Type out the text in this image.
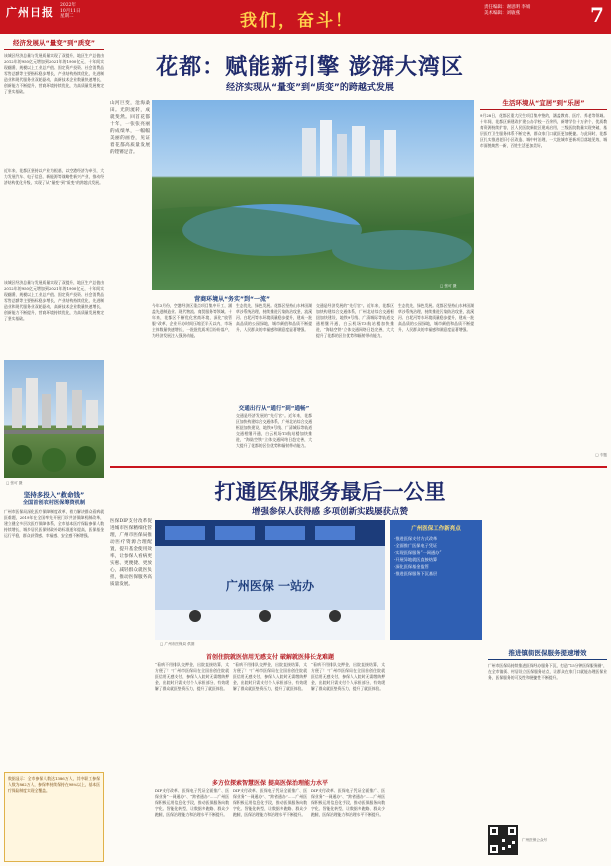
广州日报
2022年
10月11日
星期二	我们，奋斗！
责任编辑：谢思明 李娟
美术编辑：刘敏燕	7
经济发展从“量变”到“质变”
该城区经济总量与发展质量实现了双提升，地区生产总值由2012年的950亿元增加到2021年的1900亿元，十年间实现翻番，规模以上工业总产值、固定资产投资、社会消费品零售总额等主要指标稳步增长，产业结构持续优化，先进制造业和现代服务业双轮驱动，高新技术企业数量快速增长，创新能力不断提升，营商环境持续优化，为高质量发展奠定了坚实基础。
近年来，花都区坚持以产业为根基，以空港经济为牵引，大力发展汽车、电子信息、新能源等战略性新兴产业，推动经济结构优化升级，实现了从“量变”到“质变”的跨越式发展。
该城区经济总量与发展质量实现了双提升，地区生产总值由2012年的950亿元增加到2021年的1900亿元，十年间实现翻番，规模以上工业总产值、固定资产投资、社会消费品零售总额等主要指标稳步增长，产业结构持续优化，先进制造业和现代服务业双轮驱动，高新技术企业数量快速增长，创新能力不断提升，营商环境持续优化，为高质量发展奠定了坚实基础。
□ 张可 摄
坚持多投入“救命钱”
全国首创农村医保筹资机制
广州市医保局深化医疗保障制度改革，着力解决群众看病就医难题，2019年在全国率先开展门诊共济保障机制改革，建立健全多层次医疗保障体系，全市基本医疗保险参保人数持续增长，城乡居民医保财政补助标准逐年提高，医保基金运行平稳，群众获得感、幸福感、安全感不断增强。
数据显示：全市参保人数达1386万人，其中职工参保人数为862万人，参保率持续保持在98%以上，基本医疗保险制度实现全覆盖。
花都：赋能新引擎 澎湃大湾区
经济实现从“量变”到“质变”的跨越式发展
山河巨变，沧海桑田。光阴流转，成就斐然。回首花都十年，一张张亮丽的成绩单，一幅幅美丽的画卷，见证着花都高质量发展的铿锵足音。
□ 张可 摄
营商环境从“务实”到“一流”
今年3月份，空港经济区重点项目集中开工，涵盖先进制造业、现代物流、商贸服务等领域。十年来，花都区不断优化营商环境，深化“放管服”改革，企业开办时间压缩至半天以内，市场主体数量快速增长，一批批优质项目纷纷落户，为经济发展注入强劲动能。
生态优先，绿色发展。花都区坚持山水林田湖草沙系统治理，持续推进污染防治攻坚，流溪河、白坭河等水环境质量稳步提升，建成一批高品质的公园绿地，城市颜值和品质不断提升，人民群众的幸福感和满意度显著增强。
交通出行从“通行”到“通畅”
交通是经济发展的“先行官”。近年来，花都区加快构建综合交通体系，广州北站综合交通枢纽加快建设，地铁9号线、广清城际等轨道交通相继开通，白云机场T3航站楼加快推进，“海陆空铁”立体交通网络日趋完善，大大提升了花都的区位优势和辐射带动能力。
交通是经济发展的“先行官”。近年来，花都区加快构建综合交通体系，广州北站综合交通枢纽加快建设，地铁9号线、广清城际等轨道交通相继开通，白云机场T3航站楼加快推进，“海陆空铁”立体交通网络日趋完善，大大提升了花都的区位优势和辐射带动能力。
生态优先，绿色发展。花都区坚持山水林田湖草沙系统治理，持续推进污染防治攻坚，流溪河、白坭河等水环境质量稳步提升，建成一批高品质的公园绿地，城市颜值和品质不断提升，人民群众的幸福感和满意度显著增强。
生活环境从“宜居”到“乐居”
9月28日，花都区重大民生项目集中签约，涵盖教育、医疗、养老等领域。十年间，花都区新建改扩建公办学校一百余所，新增学位十万余个，优质教育资源持续扩容，区人民医院新院区建成启用，三级医院数量实现突破，基层医疗卫生服务体系不断完善，群众家门口就医更加便捷。与此同时，花都区扎实推进老旧小区改造、城中村治理，一大批城市更新项目落地见效，城市面貌焕然一新，百姓生活更加美好。
□ 专题
打通医保服务最后一公里
增强参保人获得感 多项创新实践屡获点赞
医保DIP支付改革促进城市医保精细化管理，广州市医保局推动医疗资源合理配置，提升基金使用效率，让参保人看病更实惠、更便捷、更放心，减轻群众就医负担，推动医保服务高质量发展。	广州医保 一站办
□ 广州市医保局 供图
广州医保工作新亮点
·推进医保支付方式改革
·全面推广医保电子凭证
·实现医保服务“一网通办”
·开展异地就医直接结算
·深化医保基金监管
·推进医保服务下沉基层
首创住院就医信用无感支付 破解就医排长龙难题
“看病不用排队交押金，出院直接结算，太方便了！”广州市医保局在全国首创住院就医信用无感支付，参保人入院时无需缴纳押金，出院时只需支付个人承担部分，有效缓解了群众就医垫资压力，提升了就医体验。
“看病不用排队交押金，出院直接结算，太方便了！”广州市医保局在全国首创住院就医信用无感支付，参保人入院时无需缴纳押金，出院时只需支付个人承担部分，有效缓解了群众就医垫资压力，提升了就医体验。
“看病不用排队交押金，出院直接结算，太方便了！”广州市医保局在全国首创住院就医信用无感支付，参保人入院时无需缴纳押金，出院时只需支付个人承担部分，有效缓解了群众就医垫资压力，提升了就医体验。
多方位探索智慧医保 提高医保治理能力水平
DIP支付改革、医保电子凭证全面推广、医保业务“一网通办”、“跨省通办”……广州医保积极运用信息化手段，推动医保服务向数字化、智能化转型，让数据多跑路、群众少跑腿，医保治理能力和治理水平不断提升。
DIP支付改革、医保电子凭证全面推广、医保业务“一网通办”、“跨省通办”……广州医保积极运用信息化手段，推动医保服务向数字化、智能化转型，让数据多跑路、群众少跑腿，医保治理能力和治理水平不断提升。
DIP支付改革、医保电子凭证全面推广、医保业务“一网通办”、“跨省通办”……广州医保积极运用信息化手段，推动医保服务向数字化、智能化转型，让数据多跑路、群众少跑腿，医保治理能力和治理水平不断提升。
推进镇街医保服务提速增效
广州市医保局持续推进医保经办服务下沉，打造“15分钟医保服务圈”，在全市镇街、村居设立医保服务站点，让群众在家门口就能办理医保业务，医保服务的可及性和便捷性不断提升。
广州医保公众号
